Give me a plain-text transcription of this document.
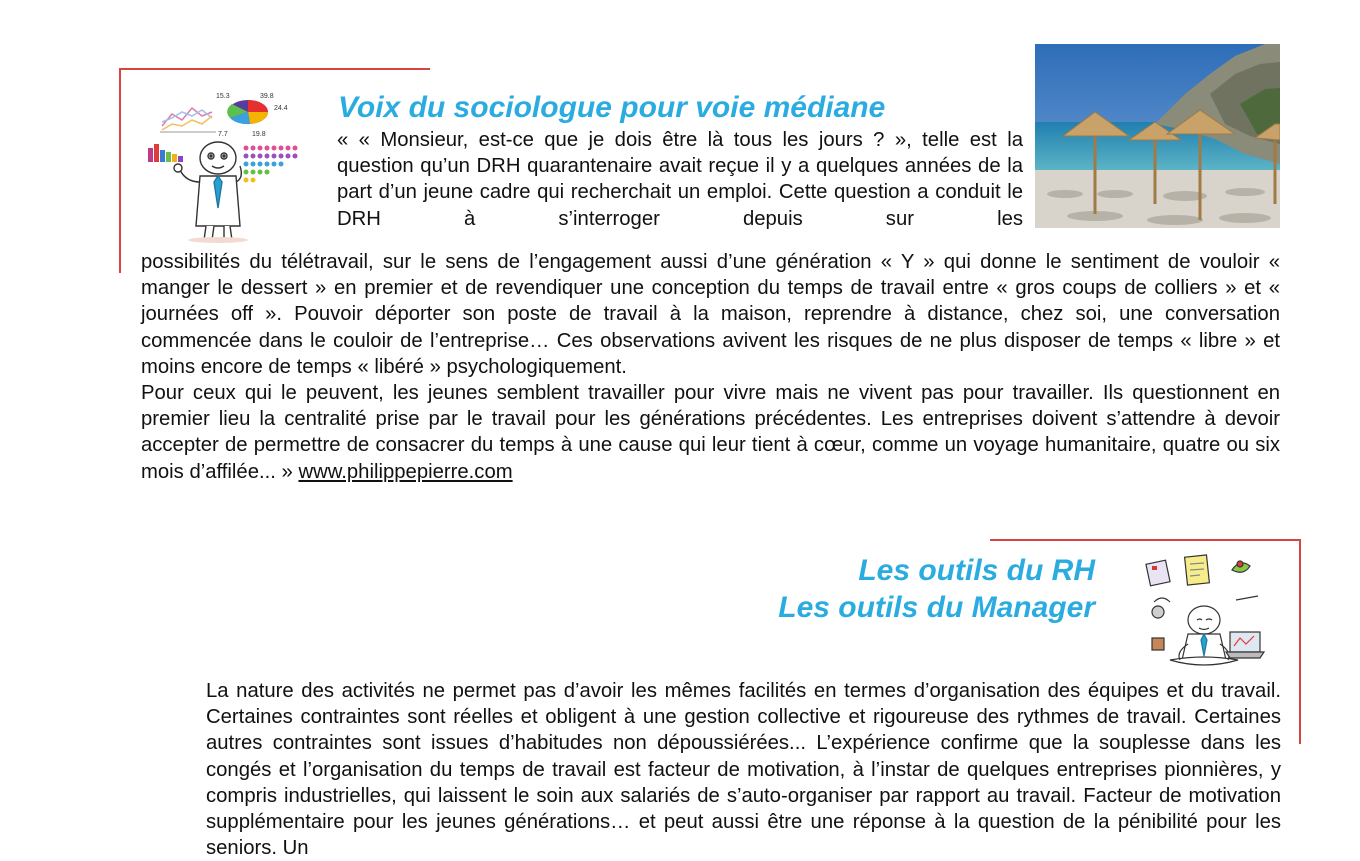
15.3	39.8
24.4
7.7	19.8
Voix du sociologue pour voie médiane

« « Monsieur, est-ce que je dois être là tous les jours ? », telle est la question qu’un DRH quarantenaire avait reçue il y a quelques années de la part d’un jeune cadre qui recherchait un emploi. Cette question a conduit le DRH à s’interroger depuis sur les

possibilités du télétravail, sur le sens de l’engagement aussi d’une génération « Y » qui donne le sentiment de vouloir « manger le dessert » en premier et de revendiquer une conception du temps de travail entre « gros coups de colliers » et « journées off ». Pouvoir déporter son poste de travail à la maison, reprendre à distance, chez soi, une conversation commencée dans le couloir de l’entreprise… Ces observations avivent les risques de ne plus disposer de temps « libre » et moins encore de temps « libéré » psychologiquement.

Pour ceux qui le peuvent, les jeunes semblent travailler pour vivre mais ne vivent pas pour travailler. Ils questionnent en premier lieu la centralité prise par le travail pour les générations précédentes. Les entreprises doivent s’attendre à devoir accepter de permettre de consacrer du temps à une cause qui leur tient à cœur, comme un voyage humanitaire, quatre ou six mois d’affilée... » www.philippepierre.com

Les outils du RH
Les outils du Manager

La nature des activités ne permet pas d’avoir les mêmes facilités en termes d’organisation des équipes et du travail. Certaines contraintes sont réelles et obligent à une gestion collective et rigoureuse des rythmes de travail. Certaines autres contraintes sont issues d’habitudes non dépoussiérées... L’expérience confirme que la souplesse dans les congés et l’organisation du temps de travail est facteur de motivation, à l’instar de quelques entreprises pionnières, y compris industrielles, qui laissent le soin aux salariés de s’auto-organiser par rapport au travail. Facteur de motivation supplémentaire pour les jeunes générations… et peut aussi être une réponse à la question de la pénibilité pour les seniors. Un
